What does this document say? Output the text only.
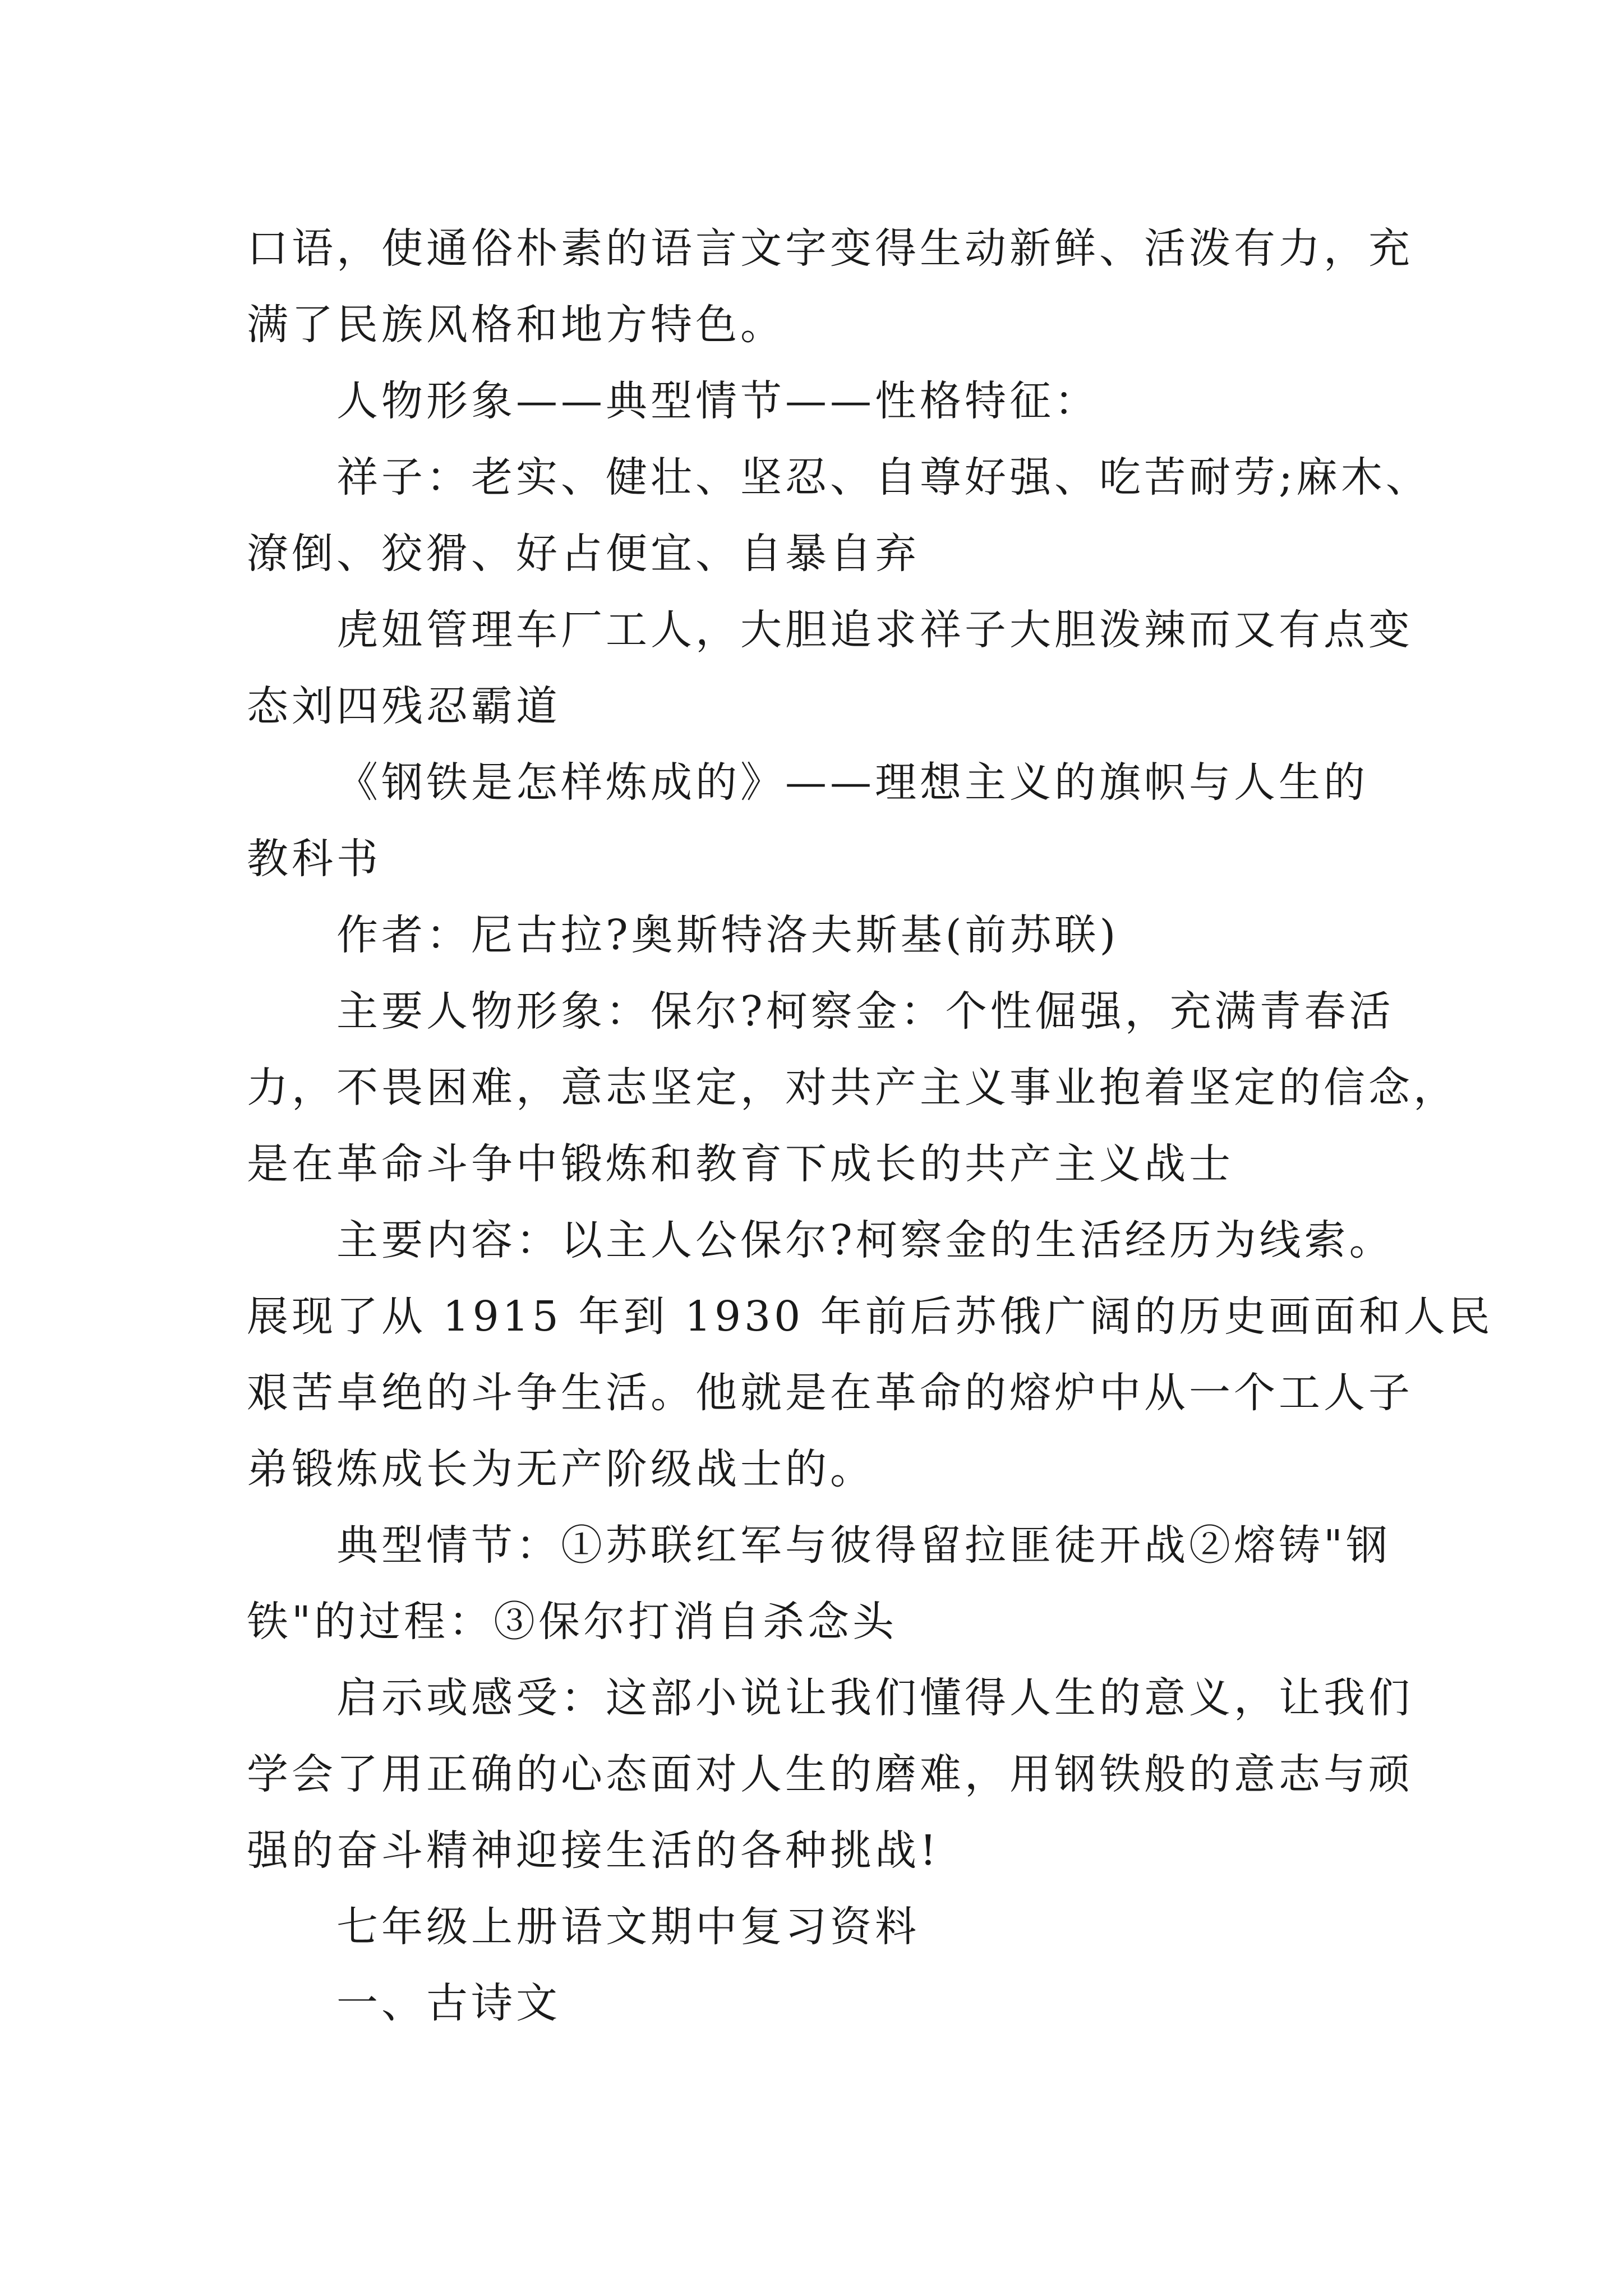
口语，使通俗朴素的语言文字变得生动新鲜、活泼有力，充
满了民族风格和地方特色。
人物形象——典型情节——性格特征：
祥子：老实、健壮、坚忍、自尊好强、吃苦耐劳;麻木、
潦倒、狡猾、好占便宜、自暴自弃
虎妞管理车厂工人，大胆追求祥子大胆泼辣而又有点变
态刘四残忍霸道
《钢铁是怎样炼成的》——理想主义的旗帜与人生的
教科书
作者：尼古拉?奥斯特洛夫斯基(前苏联)
主要人物形象：保尔?柯察金：个性倔强，充满青春活
力，不畏困难，意志坚定，对共产主义事业抱着坚定的信念，
是在革命斗争中锻炼和教育下成长的共产主义战士
主要内容：以主人公保尔?柯察金的生活经历为线索。
展现了从 1915 年到 1930 年前后苏俄广阔的历史画面和人民
艰苦卓绝的斗争生活。他就是在革命的熔炉中从一个工人子
弟锻炼成长为无产阶级战士的。
典型情节：①苏联红军与彼得留拉匪徒开战②熔铸"钢
铁"的过程：③保尔打消自杀念头
启示或感受：这部小说让我们懂得人生的意义，让我们
学会了用正确的心态面对人生的磨难，用钢铁般的意志与顽
强的奋斗精神迎接生活的各种挑战!
七年级上册语文期中复习资料
一、古诗文
